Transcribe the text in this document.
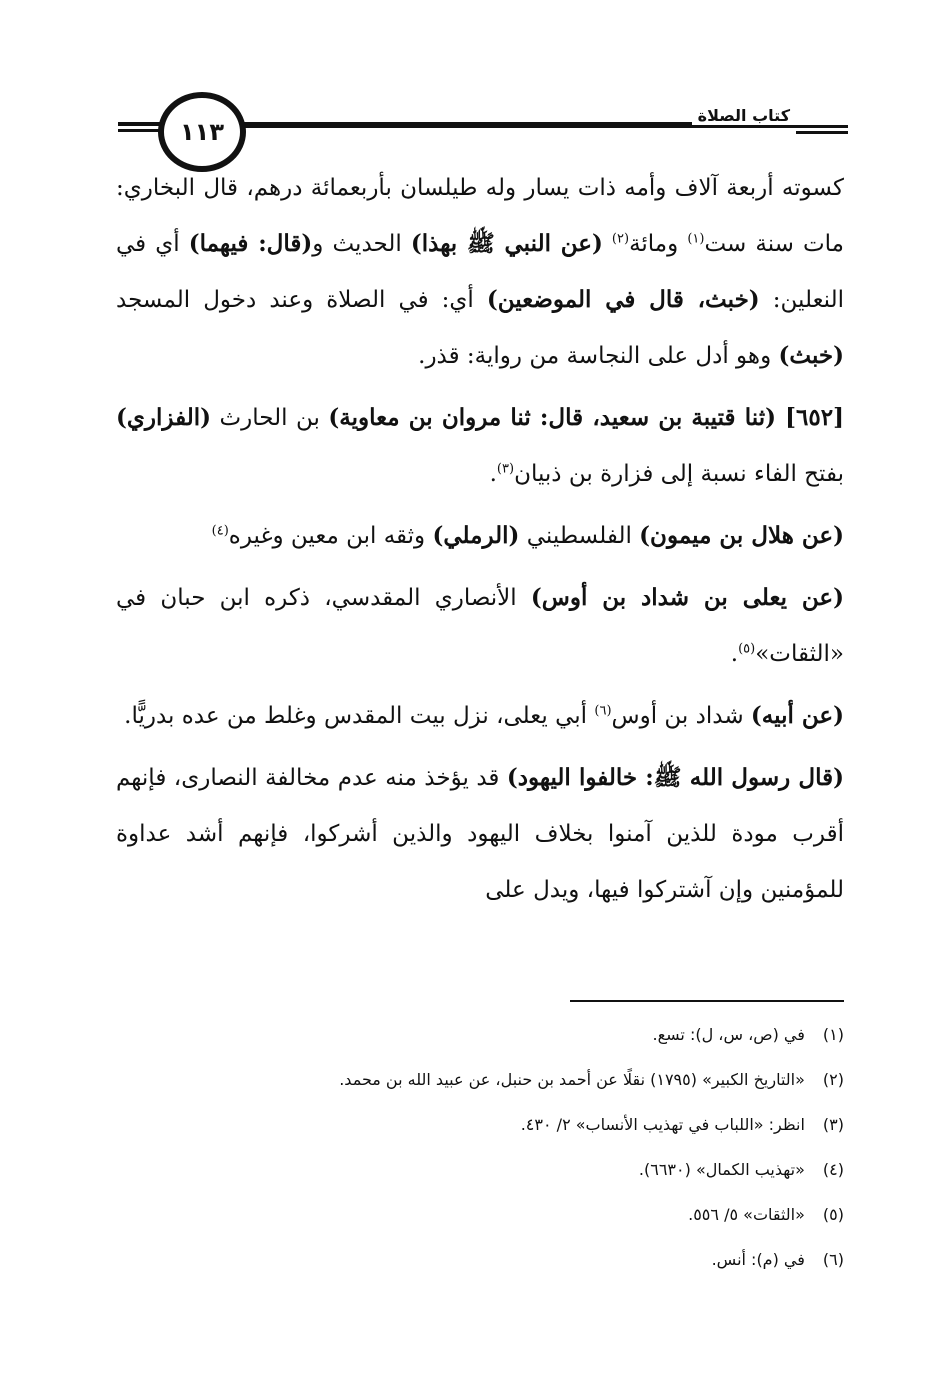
١١٣
كتاب الصلاة

كسوته أربعة آلاف وأمه ذات يسار وله طيلسان بأربعمائة درهم، قال البخاري: مات سنة ست$^{(١)}$ ومائة$^{(٢)}$ (عن النبي ﷺ بهذا) الحديث و(قال: فيهما) أي في النعلين: (خبث، قال في الموضعين) أي: في الصلاة وعند دخول المسجد (خبث) وهو أدل على النجاسة من رواية: قذر.

[٦٥٢] (ثنا قتيبة بن سعيد، قال: ثنا مروان بن معاوية) بن الحارث (الفزاري) بفتح الفاء نسبة إلى فزارة بن ذبيان$^{(٣)}$.

(عن هلال بن ميمون) الفلسطيني (الرملي) وثقه ابن معين وغيره$^{(٤)}$

(عن يعلى بن شداد بن أوس) الأنصاري المقدسي، ذكره ابن حبان في «الثقات»$^{(٥)}$.

(عن أبيه) شداد بن أوس$^{(٦)}$ أبي يعلى، نزل بيت المقدس وغلط من عده بدريًّا.

(قال رسول الله ﷺ: خالفوا اليهود) قد يؤخذ منه عدم مخالفة النصارى، فإنهم أقرب مودة للذين آمنوا بخلاف اليهود والذين أشركوا، فإنهم أشد عداوة للمؤمنين وإن آشتركوا فيها، ويدل على

(١) في (ص، س، ل): تسع.
(٢) «التاريخ الكبير» (١٧٩٥) نقلًا عن أحمد بن حنبل، عن عبيد الله بن محمد.
(٣) انظر: «اللباب في تهذيب الأنساب» ٢/ ٤٣٠.
(٤) «تهذيب الكمال» (٦٦٣٠).
(٥) «الثقات» ٥/ ٥٥٦.
(٦) في (م): أنس.
